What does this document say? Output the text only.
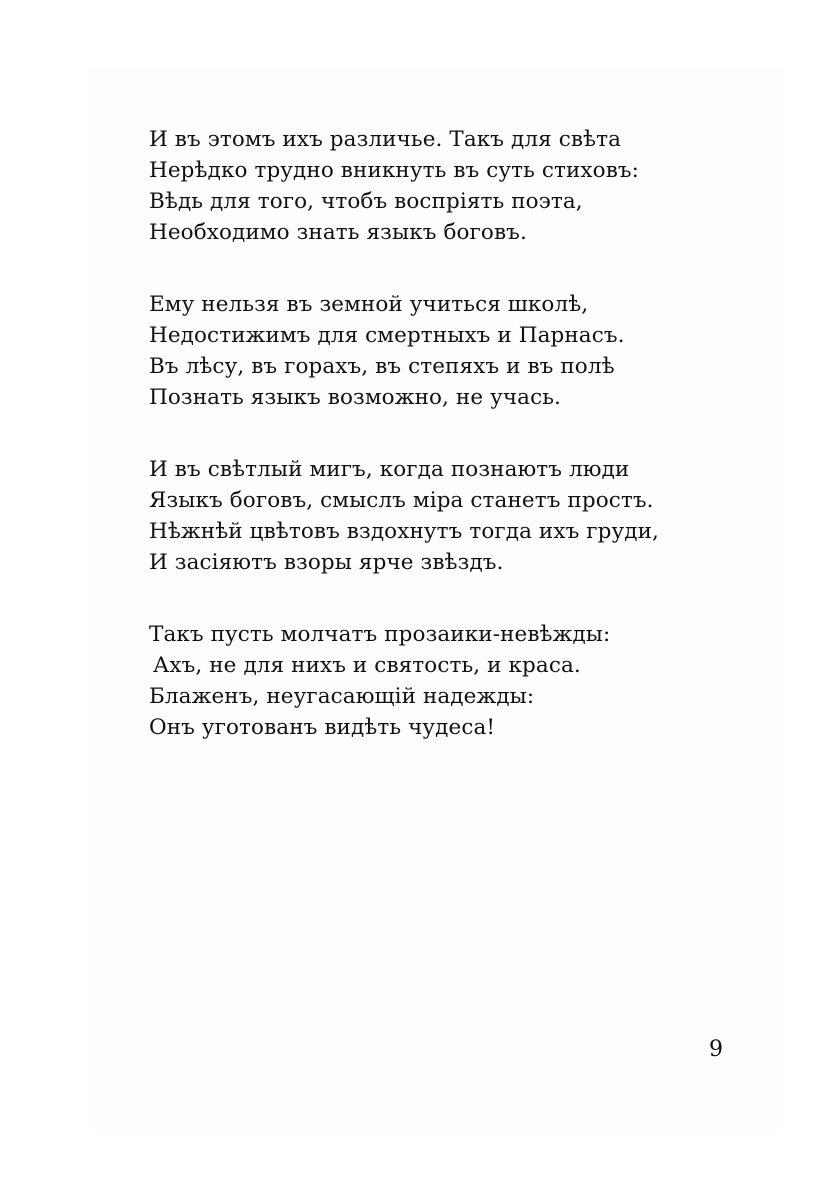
И въ этомъ ихъ различье. Такъ для свѣта
Нерѣдко трудно вникнуть въ суть стиховъ:
Вѣдь для того, чтобъ воспріять поэта,
Необходимо знать языкъ боговъ.
Ему нельзя въ земной учиться школѣ,
Недостижимъ для смертныхъ и Парнасъ.
Въ лѣсу, въ горахъ, въ степяхъ и въ полѣ
Познать языкъ возможно, не учась.
И въ свѣтлый мигъ, когда познаютъ люди
Языкъ боговъ, смыслъ міра станетъ простъ.
Нѣжнѣй цвѣтовъ вздохнутъ тогда ихъ груди,
И засіяютъ взоры ярче звѣздъ.
Такъ пусть молчатъ прозаики-невѣжды:
Ахъ, не для нихъ и святость, и краса.
Блаженъ, неугасающій надежды:
Онъ уготованъ видѣть чудеса!
9
